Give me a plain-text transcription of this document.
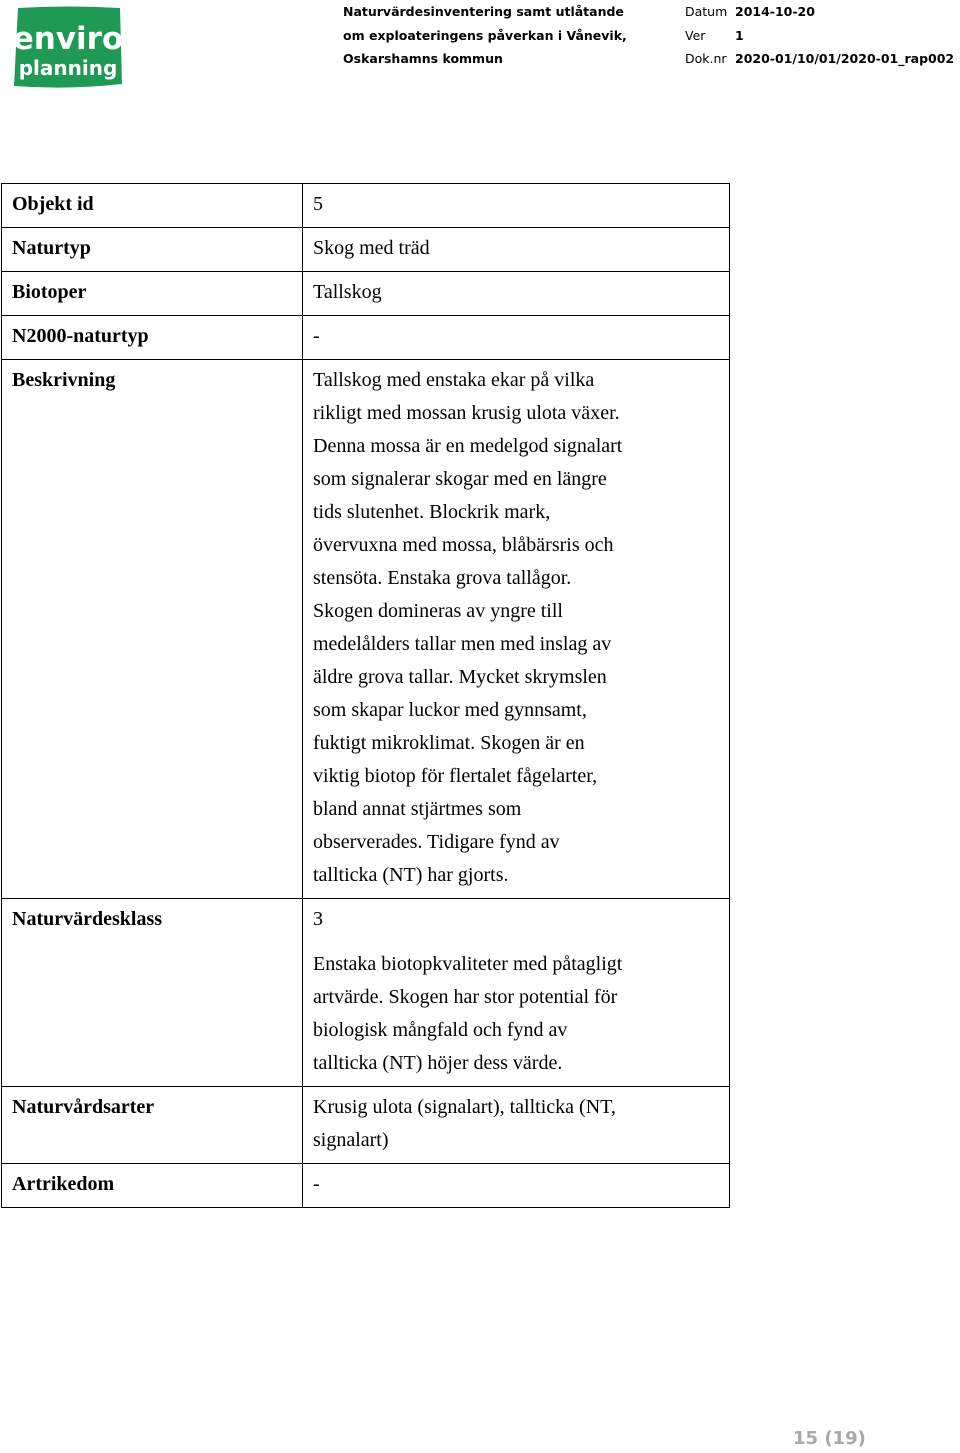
enviro
planning
Naturvärdesinventering samt utlåtande
om exploateringens påverkan i Vånevik,
Oskarshamns kommun
Datum 2014-10-20
Ver	1
Dok.nr 2020-01/10/01/2020-01_rap002
Objekt id	5
Naturtyp	Skog med träd
Biotoper	Tallskog
N2000-naturtyp	-
Beskrivning	Tallskog med enstaka ekar på vilka rikligt med mossan krusig ulota växer. Denna mossa är en medelgod signalart som signalerar skogar med en längre tids slutenhet. Blockrik mark, övervuxna med mossa, blåbärsris och stensöta. Enstaka grova tallågor. Skogen domineras av yngre till medelålders tallar men med inslag av äldre grova tallar. Mycket skrymslen som skapar luckor med gynnsamt, fuktigt mikroklimat. Skogen är en viktig biotop för flertalet fågelarter, bland annat stjärtmes som observerades. Tidigare fynd av tallticka (NT) har gjorts.
Naturvärdesklass	3
	Enstaka biotopkvaliteter med påtagligt artvärde. Skogen har stor potential för biologisk mångfald och fynd av tallticka (NT) höjer dess värde.
Naturvårdsarter	Krusig ulota (signalart), tallticka (NT, signalart)
Artrikedom	-
15 (19)
